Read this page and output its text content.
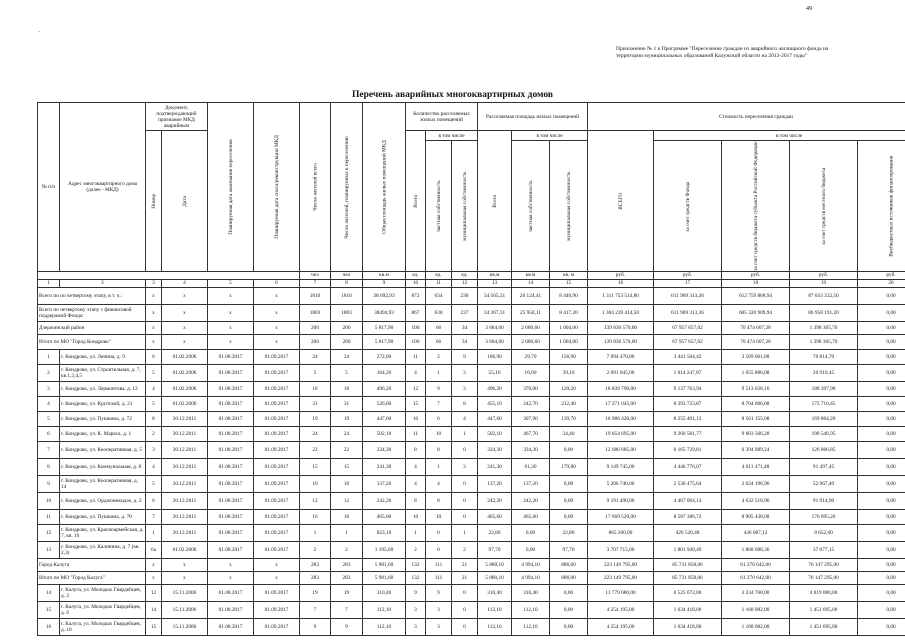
49
ˋ
Приложение № 1 к Программе "Переселение граждан из аварийного жилищного фонда на территории муниципальных образований Калужской области на 2013-2017 годы"
Перечень аварийных многоквартирных домов
№ п/п	Адрес многоквартирного дома (далее - МКД)	Документ, подтверждающий признание МКД аварийным		Планируемая дата окончания переселения	Планируемая дата сноса/реконструкции МКД	Число жителей всего	Число жителей, планируемых к переселению	Общая площадь жилых помещений МКД	Количество расселяемых жилых помещений			Расселяемая площадь жилых помещений			Стоимость переселения граждан				
		Номер	Дата						Всего	в том числе		Всего	в том числе		ВСЕГО	в том числе			
										частная собственность	муниципальная собственность		частная собственность	муниципальная собственность		за счет средств Фонда	за счет средств бюджета субъекта Российской Федерации	за счет средств местного бюджета	Внебюджетных источников финансирования
						чел	чел	кв.м	ед.	ед.	ед.	кв.м	кв.м	кв. м	руб.	руб.	руб.	руб.	руб.
1	2	3	4	5	6	7	8	9	10	11	12	13	14	15	16	17	18	19	20
Всего по по четвертому этапу, в т. ч.:		x	x	x	x	1810	1810	38 692,93	872	634	238	34 565,31	26 124,41	8 440,90	1 311 753 514,80	611 969 313,36	612 759 868,94	87 033 332,50	0,00
Всего по четвертому этапу с финансовой поддержкой Фонда:		x	x	x	x	1803	1803	38494,93	867	630	237	34 367,31	25 950,11	8 417,20	1 304 239 414,50	611 969 313,36	605 320 909,94	86 958 191,20	0,00
Дзержинский район		x	x	x	x	200	200	5 817,90	100	66	34	3 684,60	2 680,60	1 004,00	139 830 570,00	67 957 657,02	70 474 607,28	1 398 305,70	0,00
Итого по МО "Город Кондрово"		x	x	x	x	200	200	5 817,90	100	66	34	3 684,60	2 680,60	1 004,00	139 830 570,00	67 957 657,02	70 474 607,28	1 398 305,70	0,00
1	г. Кондрово, ул. Ленина, д. 9	6	01.02.2006	01.08.2017	01.09.2017	24	24	272,00	11	2	9	186,90	29,70	156,90	7 094 470,00	3 441 504,42	3 569 061,88	70 814,70	0,00
2	г. Кондрово, ул. Строительная, д. 7, кв.1,2,4,5	5	01.02.2006	01.08.2017	01.09.2017	5	5	164,20	4	1	3	55,10	16,00	39,10	2 091 045,00	1 014 247,87	1 055 886,08	20 910,45	0,00
3	г. Кондрово, ул. Лермонтова, д. 12	4	01.02.2006	01.08.2017	01.09.2017	18	18	496,20	12	9	3	496,20	376,00	120,20	18 839 790,00	9 137 763,94	9 513 628,16	188 397,90	0,00
4	г. Кондрово, ул. Крупской, д. 21	5	01.02.2006	01.08.2017	01.09.2017	31	31	526,60	15	7	8	455,10	242,70	212,40	17 271 045,00	8 393 723,87	8 704 606,68	172 710,45	0,00
5	г. Кондрово, ул. Пушкина, д. 72	8	30.12.2011	01.08.2017	01.09.2017	19	19	447,60	10	6	4	447,60	307,90	139,70	16 986 420,00	8 255 401,12	8 561 155,08	169 864,20	0,00
6	г. Кондрово, ул. К. Маркса, д. 1	2	30.12.2011	01.08.2017	01.09.2017	24	24	502,10	11	10	1	502,10	467,70	34,40	19 054 695,00	9 260 581,77	9 603 566,28	190 546,95	0,00
7	г. Кондрово, ул. Кооперативная, д. 5	3	30.12.2011	01.08.2017	01.09.2017	22	22	334,30	8	8	0	334,30	334,30	0,00	12 686 685,00	6 165 729,81	6 394 089,24	126 866,85	0,00
8	г. Кондрово, ул. Коммунальная, д. 8	4	30.12.2011	01.08.2017	01.09.2017	15	15	241,30	4	1	3	241,30	61,30	179,80	9 149 745,00	4 446 776,07	4 611 471,48	91 497,45	0,00
9	г. Кондрово, ул. Кооперативная, д. 14	5	30.12.2011	01.08.2017	01.09.2017	10	10	137,20	4	4	0	137,20	137,20	0,00	5 206 740,00	2 530 475,64	2 624 196,96	52 067,40	0,00
10	г. Кондрово, ул. Орджоникидзе, д. 2	6	30.12.2011	01.08.2017	01.09.2017	12	12	242,20	8	8	0	242,20	242,20	0,00	9 191 490,00	4 467 064,14	4 632 510,96	91 914,90	0,00
11	г. Кондрово, ул. Пушкина, д. 70	7	30.12.2011	01.08.2017	01.09.2017	16	16	465,60	10	10	0	465,60	465,60	0,00	17 669 520,00	8 587 386,72	8 905 438,08	176 695,20	0,00
12	г. Кондрово, ул. Красноармейская, д. 7, кв. 10	1	30.12.2011	01.08.2017	01.09.2017	1	1	823,10	1	0	1	22,80	0,00	22,80	865 260,00	420 520,48	436 087,12	8 652,60	0,00
13	г. Кондрово, ул. Калинина, д. 7 (кв. 2,3)	6а	01.02.2006	01.08.2017	01.09.2017	2	2	1 195,60	2	0	2	97,70	0,00	97,70	3 707 715,00	1 801 949,49	1 868 688,36	37 077,15	0,00
Город Калуга		x	x	x	x	283	283	5 901,60	132	111	21	5 880,10	4 994,10	886,00	223 149 795,00	85 731 858,06	61 270 642,00	76 147 295,00	0,00
Итого по МО "Город Калуга"		x	x	x	x	283	283	5 901,60	132	111	21	5 880,10	4 994,10	886,00	223 149 795,00	85 731 858,06	61 270 642,00	76 147 295,00	0,00
14	г. Калуга, ул. Молодых Гвардейцев, д. 2	12	15.11.2006	01.08.2017	01.09.2017	19	19	310,40	9	9	0	310,40	310,40	0,00	11 779 680,00	6 525 672,00	3 234 768,00	4 019 080,00	0,00
15	г. Калуга, ул. Молодых Гвардейцев, д. 6	14	15.11.2006	01.08.2017	01.09.2017	7	7	112,10	3	3	0	112,10	112,10	0,00	4 254 195,00	1 634 418,00	1 168 082,00	1 451 695,00	0,00
16	г. Калуга, ул. Молодых Гвардейцев, д. 10	15	15.11.2006	01.08.2017	01.09.2017	9	9	112,10	3	3	0	112,10	112,10	0,00	4 254 195,00	1 634 418,00	1 168 082,00	1 451 695,00	0,00
